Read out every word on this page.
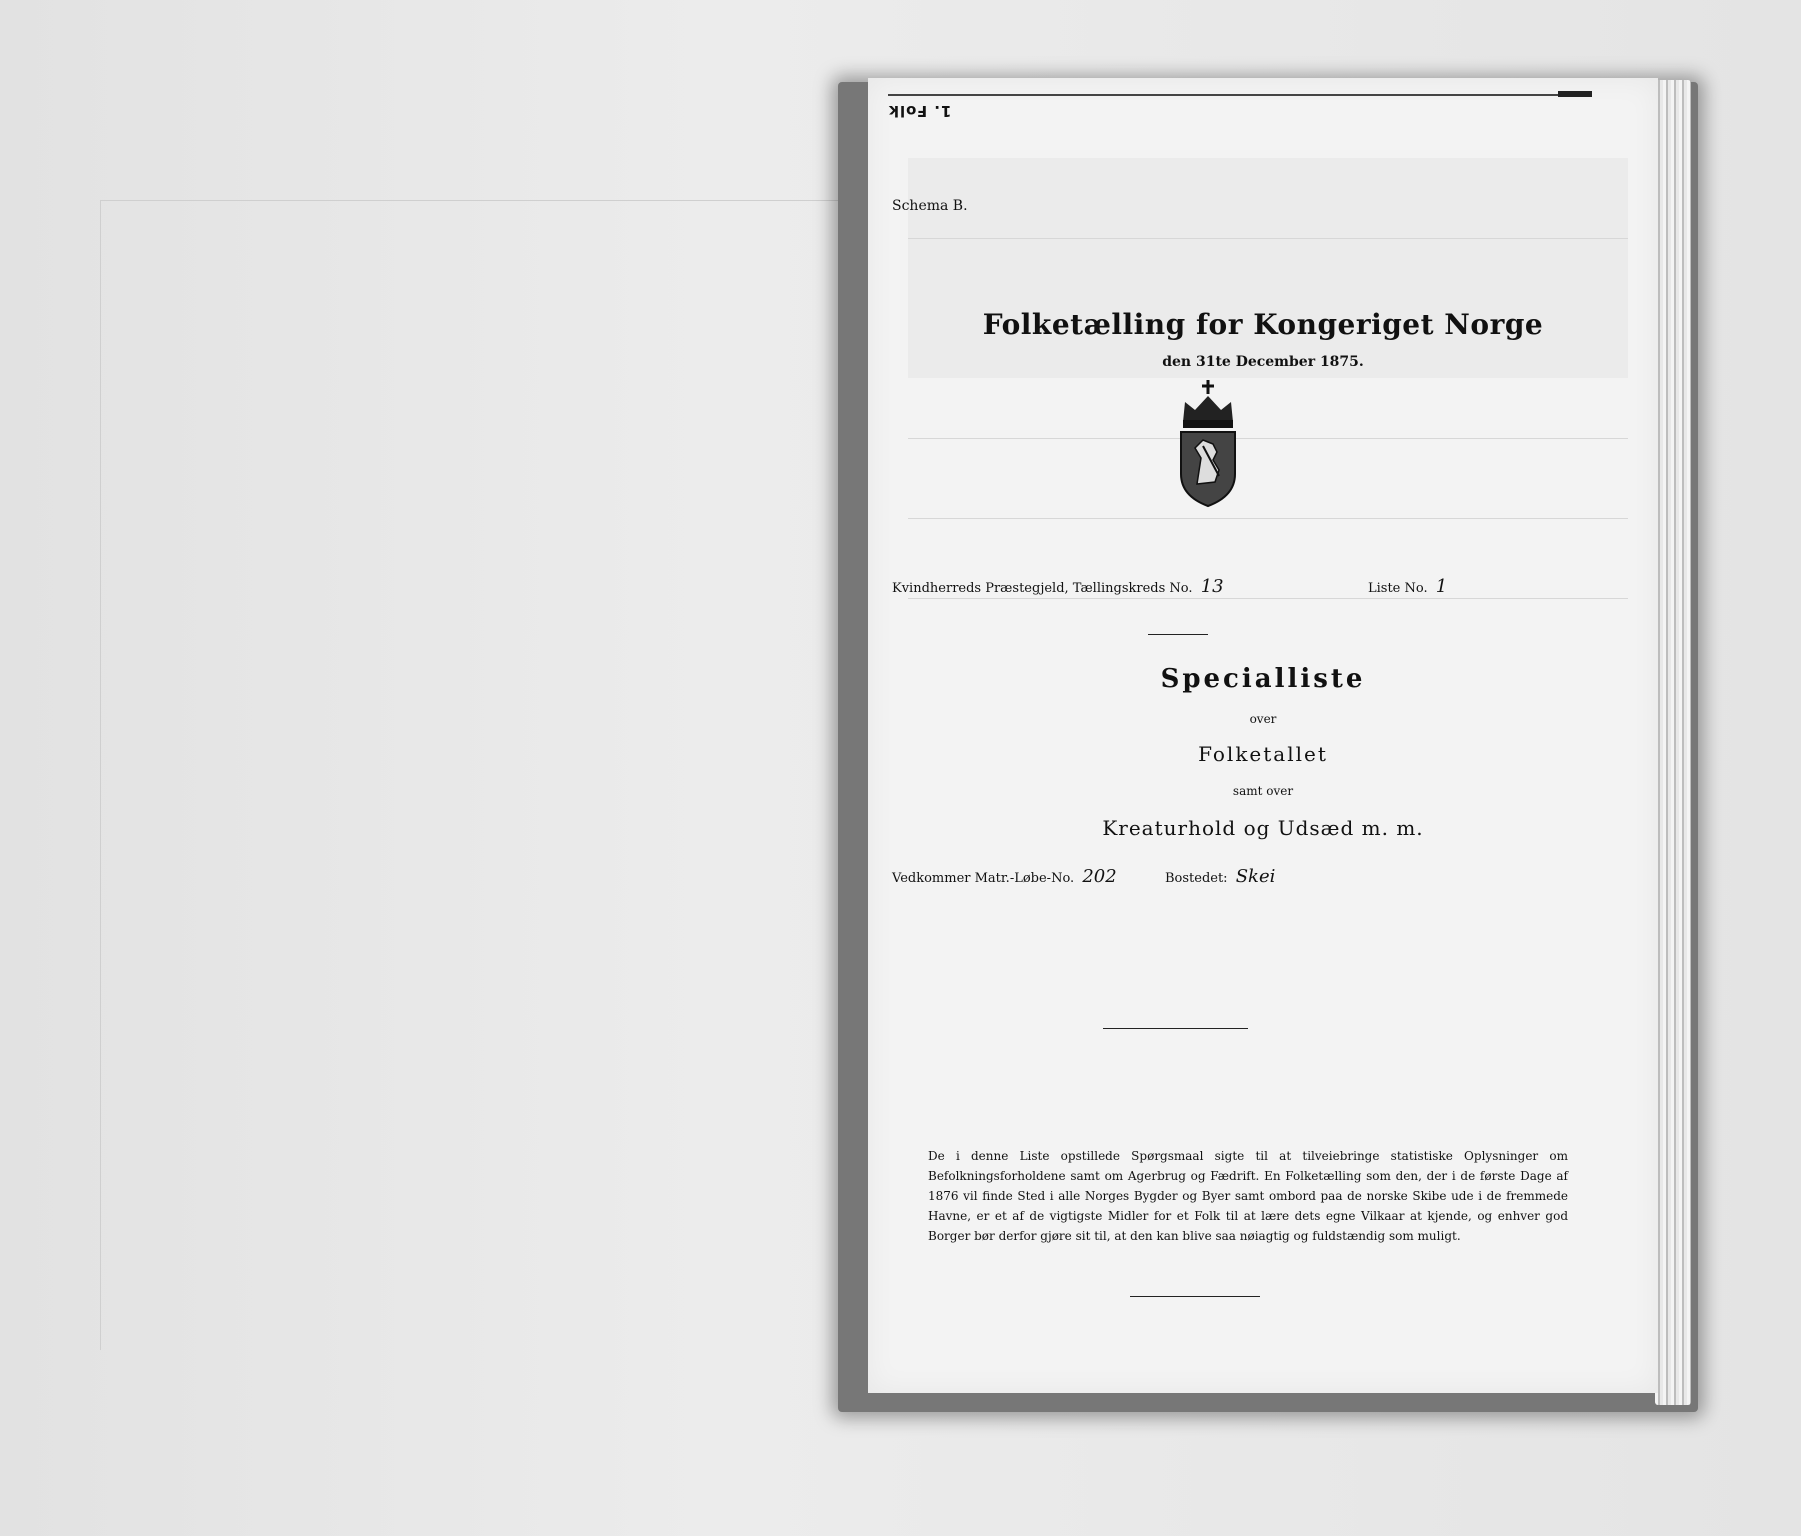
1. Folk
Schema B.
Folketælling for Kongeriget Norge
den 31te December 1875.
Kvindherreds Præstegjeld, Tællingskreds No. 13	Liste No. 1
Specialliste
over
Folketallet
samt over
Kreaturhold og Udsæd m. m.
Vedkommer Matr.-Løbe-No. 202	Bostedet: Skei
De i denne Liste opstillede Spørgsmaal sigte til at tilveiebringe statistiske Oplysninger om Befolkningsforholdene samt om Agerbrug og Fædrift. En Folketælling som den, der i de første Dage af 1876 vil finde Sted i alle Norges Bygder og Byer samt ombord paa de norske Skibe ude i de fremmede Havne, er et af de vigtigste Midler for et Folk til at lære dets egne Vilkaar at kjende, og enhver god Borger bør derfor gjøre sit til, at den kan blive saa nøiagtig og fuldstændig som muligt.
